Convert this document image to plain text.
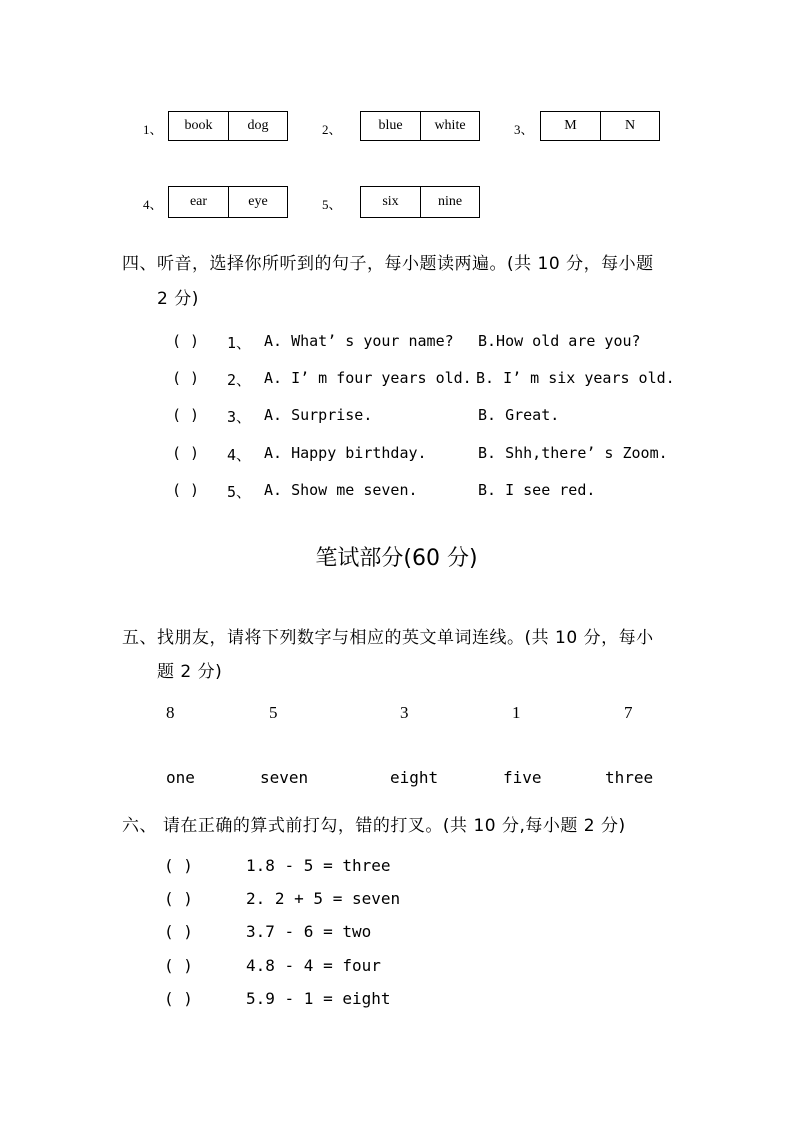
1、	book	dog	2、	blue	white	3、	M	N
4、	ear	eye	5、	six	nine
四、听音，选择你所听到的句子，每小题读两遍。(共 10 分，每小题
2 分)
( ) 1、 A. What’ s your name? B.How old are you?
( ) 2、 A. I’ m four years old. B. I’ m six years old.
( ) 3、 A. Surprise.	B. Great.
( ) 4、 A. Happy birthday.	B. Shh,there’ s Zoom.
( ) 5、 A. Show me seven.	B. I see red.
笔试部分(60 分)
五、找朋友，请将下列数字与相应的英文单词连线。(共 10 分，每小
题 2 分)
8	5	3	1	7
one	seven	eight	five	three
六、 请在正确的算式前打勾，错的打叉。(共 10 分,每小题 2 分)
( )	1.8 - 5 = three
( )	2. 2 + 5 = seven
( )	3.7 - 6 = two
( )	4.8 - 4 = four
( )	5.9 - 1 = eight
